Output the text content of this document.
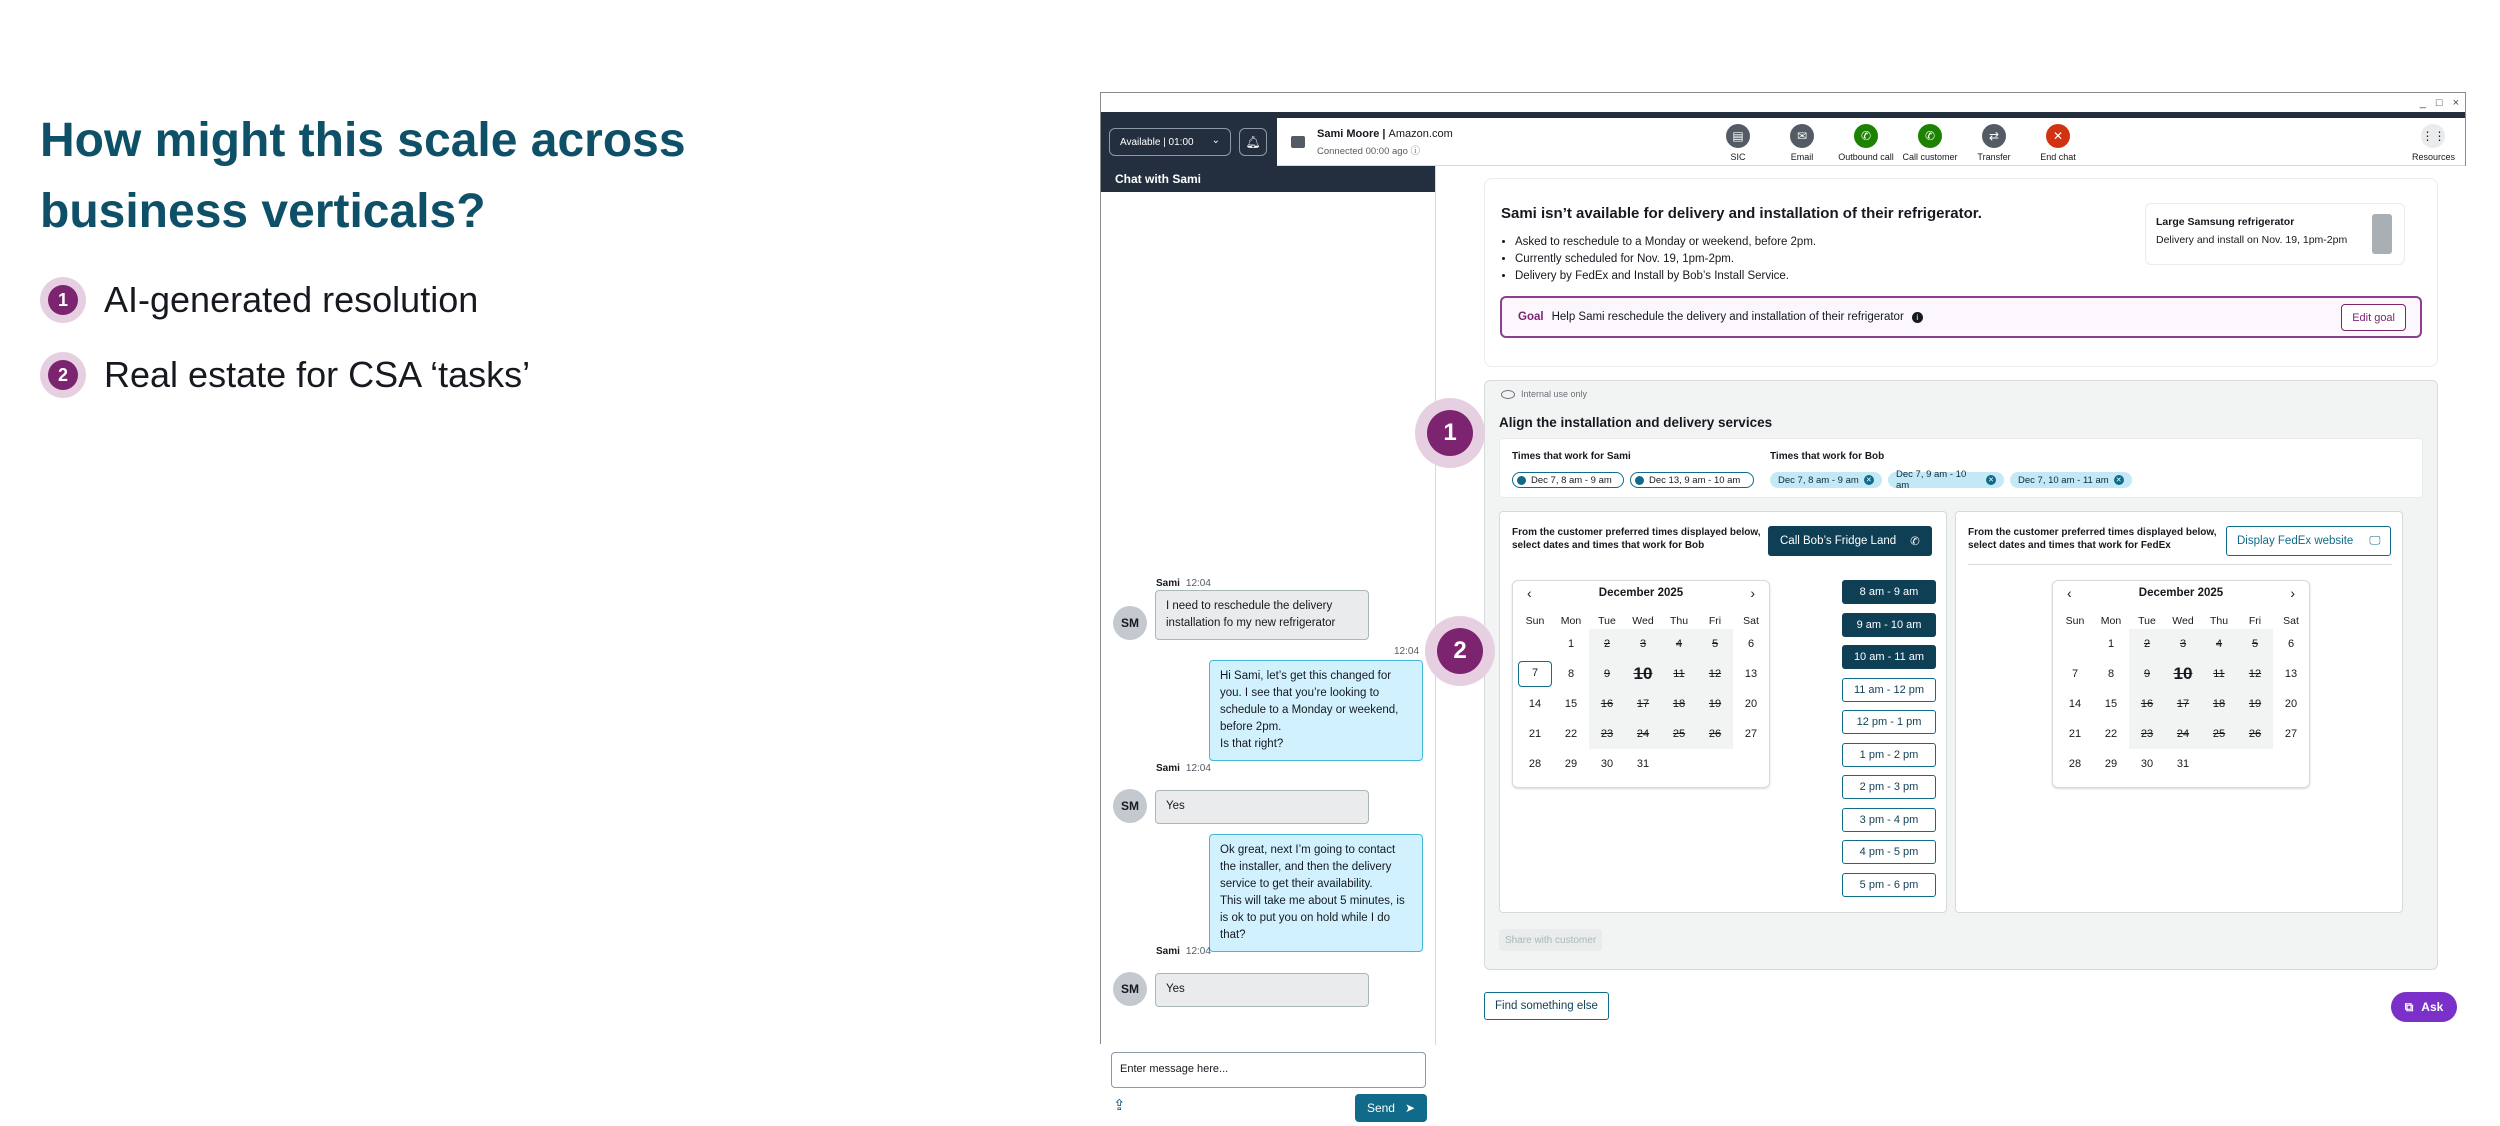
How might this scale across business verticals?
1 AI-generated resolution
2 Real estate for CSA ‘tasks’
_ □ ×
Available | 01:00 ⌄	🔔︎
Sami Moore | Amazon.com
Connected 00:00 ago ⓘ
▤
SIC
✉
Email
✆
Outbound call
✆
Call customer
⇄
Transfer
✕
End chat
⋮⋮
Resources
Chat with Sami
Sami 12:04
SM
I need to reschedule the delivery installation fo my new refrigerator
12:04
Hi Sami, let’s get this changed for you. I see that you’re looking to schedule to a Monday or weekend, before 2pm.
Is that right?
Sami 12:04
SM	Yes
Ok great, next I’m going to contact the installer, and then the delivery service to get their availability.
This will take me about 5 minutes, is is ok to put you on hold while I do that?
Sami 12:04
SM	Yes
Enter message here...
⇪	Send ➤
Sami isn’t available for delivery and installation of their refrigerator.
• Asked to reschedule to a Monday or weekend, before 2pm.
• Currently scheduled for Nov. 19, 1pm-2pm.
• Delivery by FedEx and Install by Bob’s Install Service.
Large Samsung refrigerator
Delivery and install on Nov. 19, 1pm-2pm
Goal Help Sami reschedule the delivery and installation of their refrigerator	i	Edit goal
Internal use only
Align the installation and delivery services
Times that work for Sami
Dec 7, 8 am - 9 am	Dec 13, 9 am - 10 am
Times that work for Bob
Dec 7, 8 am - 9 am ✕
Dec 7, 9 am - 10 am	✕	Dec 7, 10 am - 11 am ✕
From the customer preferred times displayed below, select dates and times that work for Bob	Call Bob’s Fridge Land ✆
‹	›
December 2025
Sun	Mon	Tue	Wed	Thu	Fri	Sat
	1	2	3	4	5	6
7	8	9	10	11	12	13
14	15	16	17	18	19	20
21	22	23	24	25	26	27
28	29	30	31			
8 am - 9 am
9 am - 10 am
10 am - 11 am
11 am - 12 pm
12 pm - 1 pm
1 pm - 2 pm
2 pm - 3 pm
3 pm - 4 pm
4 pm - 5 pm
5 pm - 6 pm
From the customer preferred times displayed below, select dates and times that work for FedEx	Display FedEx website 🖵︎
‹	›
December 2025
Sun	Mon	Tue	Wed	Thu	Fri	Sat
	1	2	3	4	5	6
7	8	9	10	11	12	13
14	15	16	17	18	19	20
21	22	23	24	25	26	27
28	29	30	31			
Share with customer
Find something else	⧉ Ask
1
2
